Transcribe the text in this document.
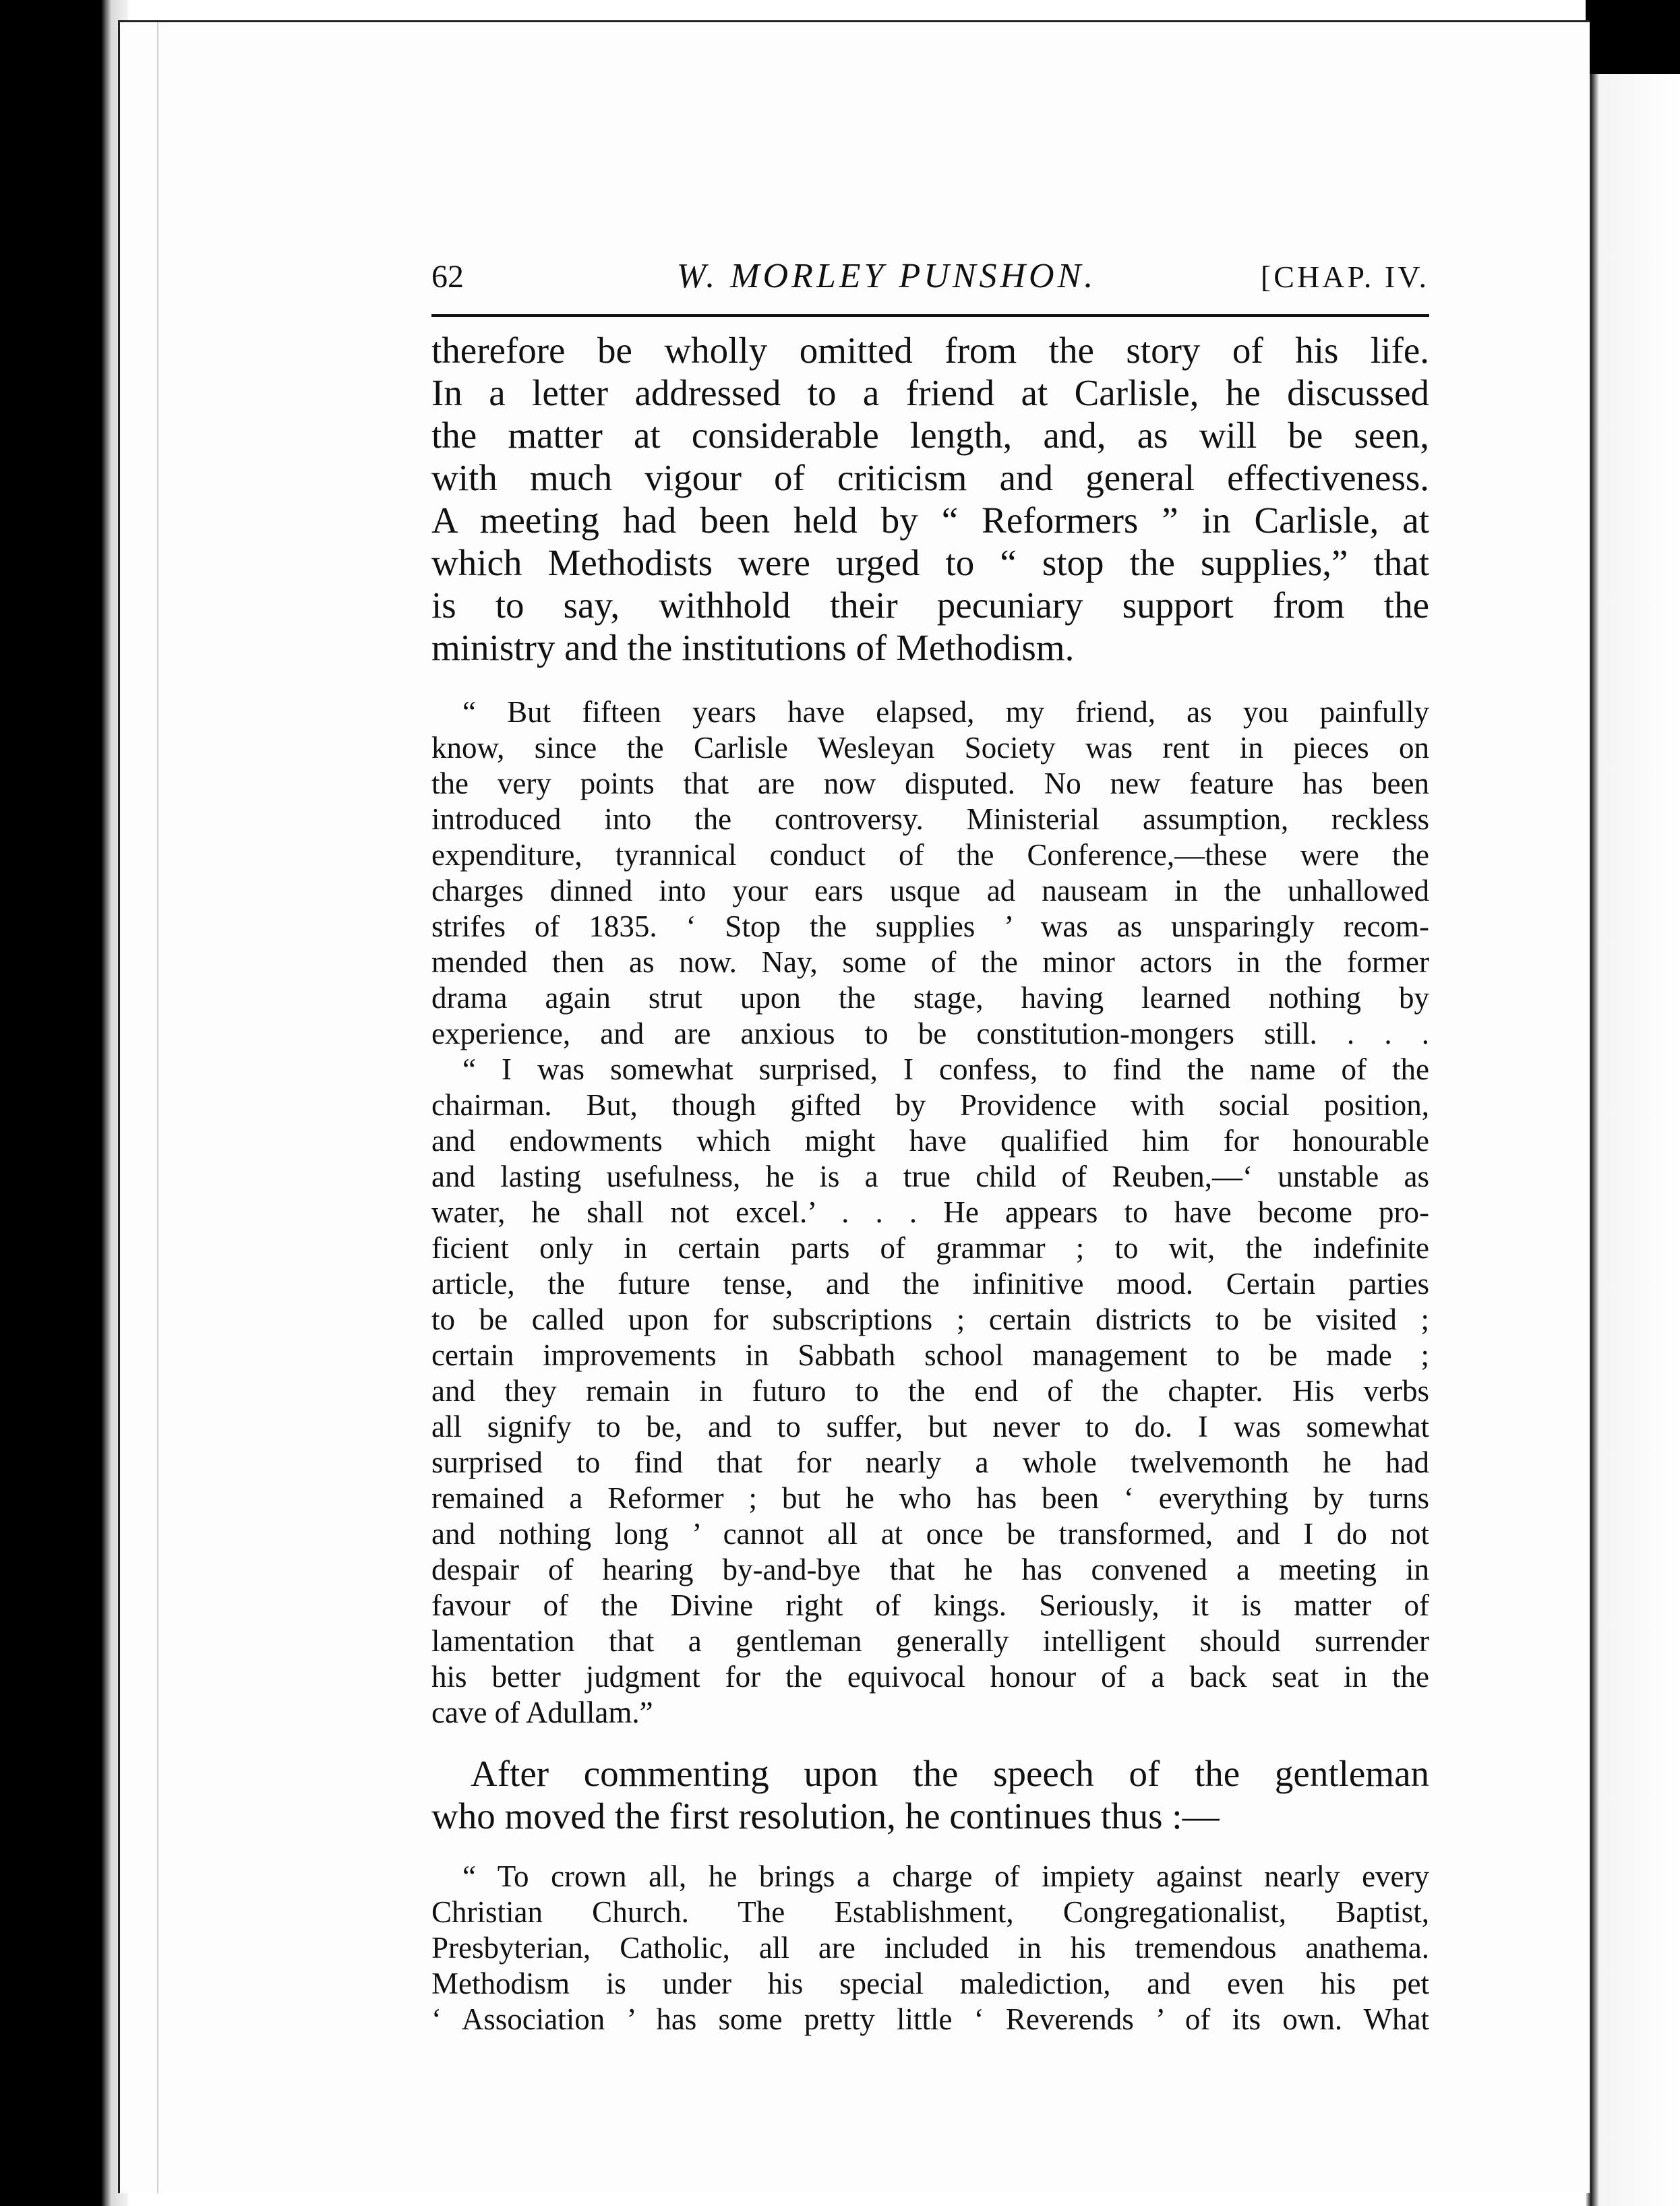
62	W. MORLEY PUNSHON.	[CHAP. IV.
therefore be wholly omitted from the story of his life.
In a letter addressed to a friend at Carlisle, he discussed
the matter at considerable length, and, as will be seen,
with much vigour of criticism and general effectiveness.
A meeting had been held by “ Reformers ” in Carlisle, at
which Methodists were urged to “ stop the supplies,” that
is to say, withhold their pecuniary support from the
ministry and the institutions of Methodism.
“ But fifteen years have elapsed, my friend, as you painfully
know, since the Carlisle Wesleyan Society was rent in pieces on
the very points that are now disputed. No new feature has been
introduced into the controversy. Ministerial assumption, reckless
expenditure, tyrannical conduct of the Conference,—these were the
charges dinned into your ears usque ad nauseam in the unhallowed
strifes of 1835. ‘ Stop the supplies ’ was as unsparingly recom-
mended then as now. Nay, some of the minor actors in the former
drama again strut upon the stage, having learned nothing by
experience, and are anxious to be constitution-mongers still. . . .
“ I was somewhat surprised, I confess, to find the name of the
chairman. But, though gifted by Providence with social position,
and endowments which might have qualified him for honourable
and lasting usefulness, he is a true child of Reuben,—‘ unstable as
water, he shall not excel.’ . . . He appears to have become pro-
ficient only in certain parts of grammar ; to wit, the indefinite
article, the future tense, and the infinitive mood. Certain parties
to be called upon for subscriptions ; certain districts to be visited ;
certain improvements in Sabbath school management to be made ;
and they remain in futuro to the end of the chapter. His verbs
all signify to be, and to suffer, but never to do. I was somewhat
surprised to find that for nearly a whole twelvemonth he had
remained a Reformer ; but he who has been ‘ everything by turns
and nothing long ’ cannot all at once be transformed, and I do not
despair of hearing by-and-bye that he has convened a meeting in
favour of the Divine right of kings. Seriously, it is matter of
lamentation that a gentleman generally intelligent should surrender
his better judgment for the equivocal honour of a back seat in the
cave of Adullam.”
After commenting upon the speech of the gentleman
who moved the first resolution, he continues thus :—
“ To crown all, he brings a charge of impiety against nearly every
Christian Church. The Establishment, Congregationalist, Baptist,
Presbyterian, Catholic, all are included in his tremendous anathema.
Methodism is under his special malediction, and even his pet
‘ Association ’ has some pretty little ‘ Reverends ’ of its own. What
